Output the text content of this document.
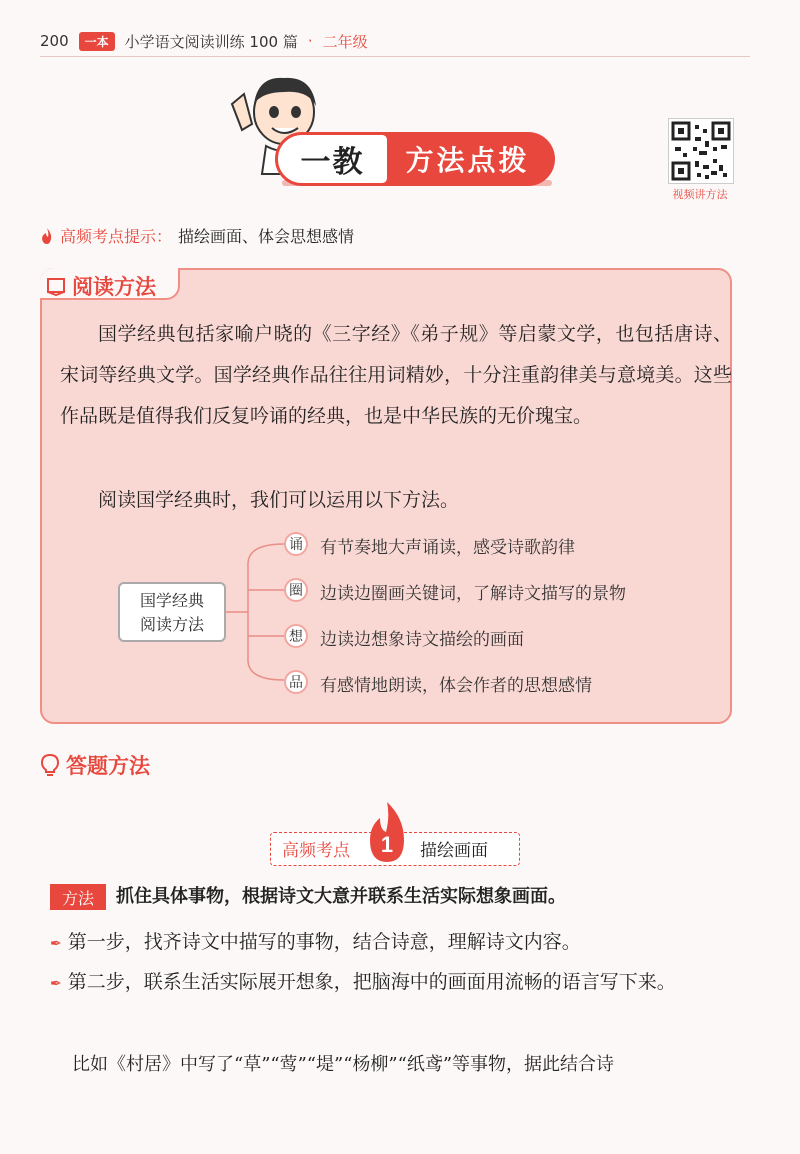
200	一本	小学语文阅读训练 100 篇 · 二年级
方法点拨
一教
视频讲方法
高频考点提示： 描绘画面、体会思想感情
阅读方法
国学经典包括家喻户晓的《三字经》《弟子规》等启蒙文学，也包括唐诗、宋词等经典文学。国学经典作品往往用词精妙，十分注重韵律美与意境美。这些作品既是值得我们反复吟诵的经典，也是中华民族的无价瑰宝。
阅读国学经典时，我们可以运用以下方法。
国学经典
阅读方法
诵 有节奏地大声诵读，感受诗歌韵律
圈 边读边圈画关键词，了解诗文描写的景物
想 边读边想象诗文描绘的画面
品 有感情地朗读，体会作者的思想感情
答题方法
高频考点 1 描绘画面
方法	抓住具体事物，根据诗文大意并联系生活实际想象画面。
✒ 第一步，找齐诗文中描写的事物，结合诗意，理解诗文内容。
✒ 第二步，联系生活实际展开想象，把脑海中的画面用流畅的语言写下来。
比如《村居》中写了“草”“莺”“堤”“杨柳”“纸鸢”等事物，据此结合诗
